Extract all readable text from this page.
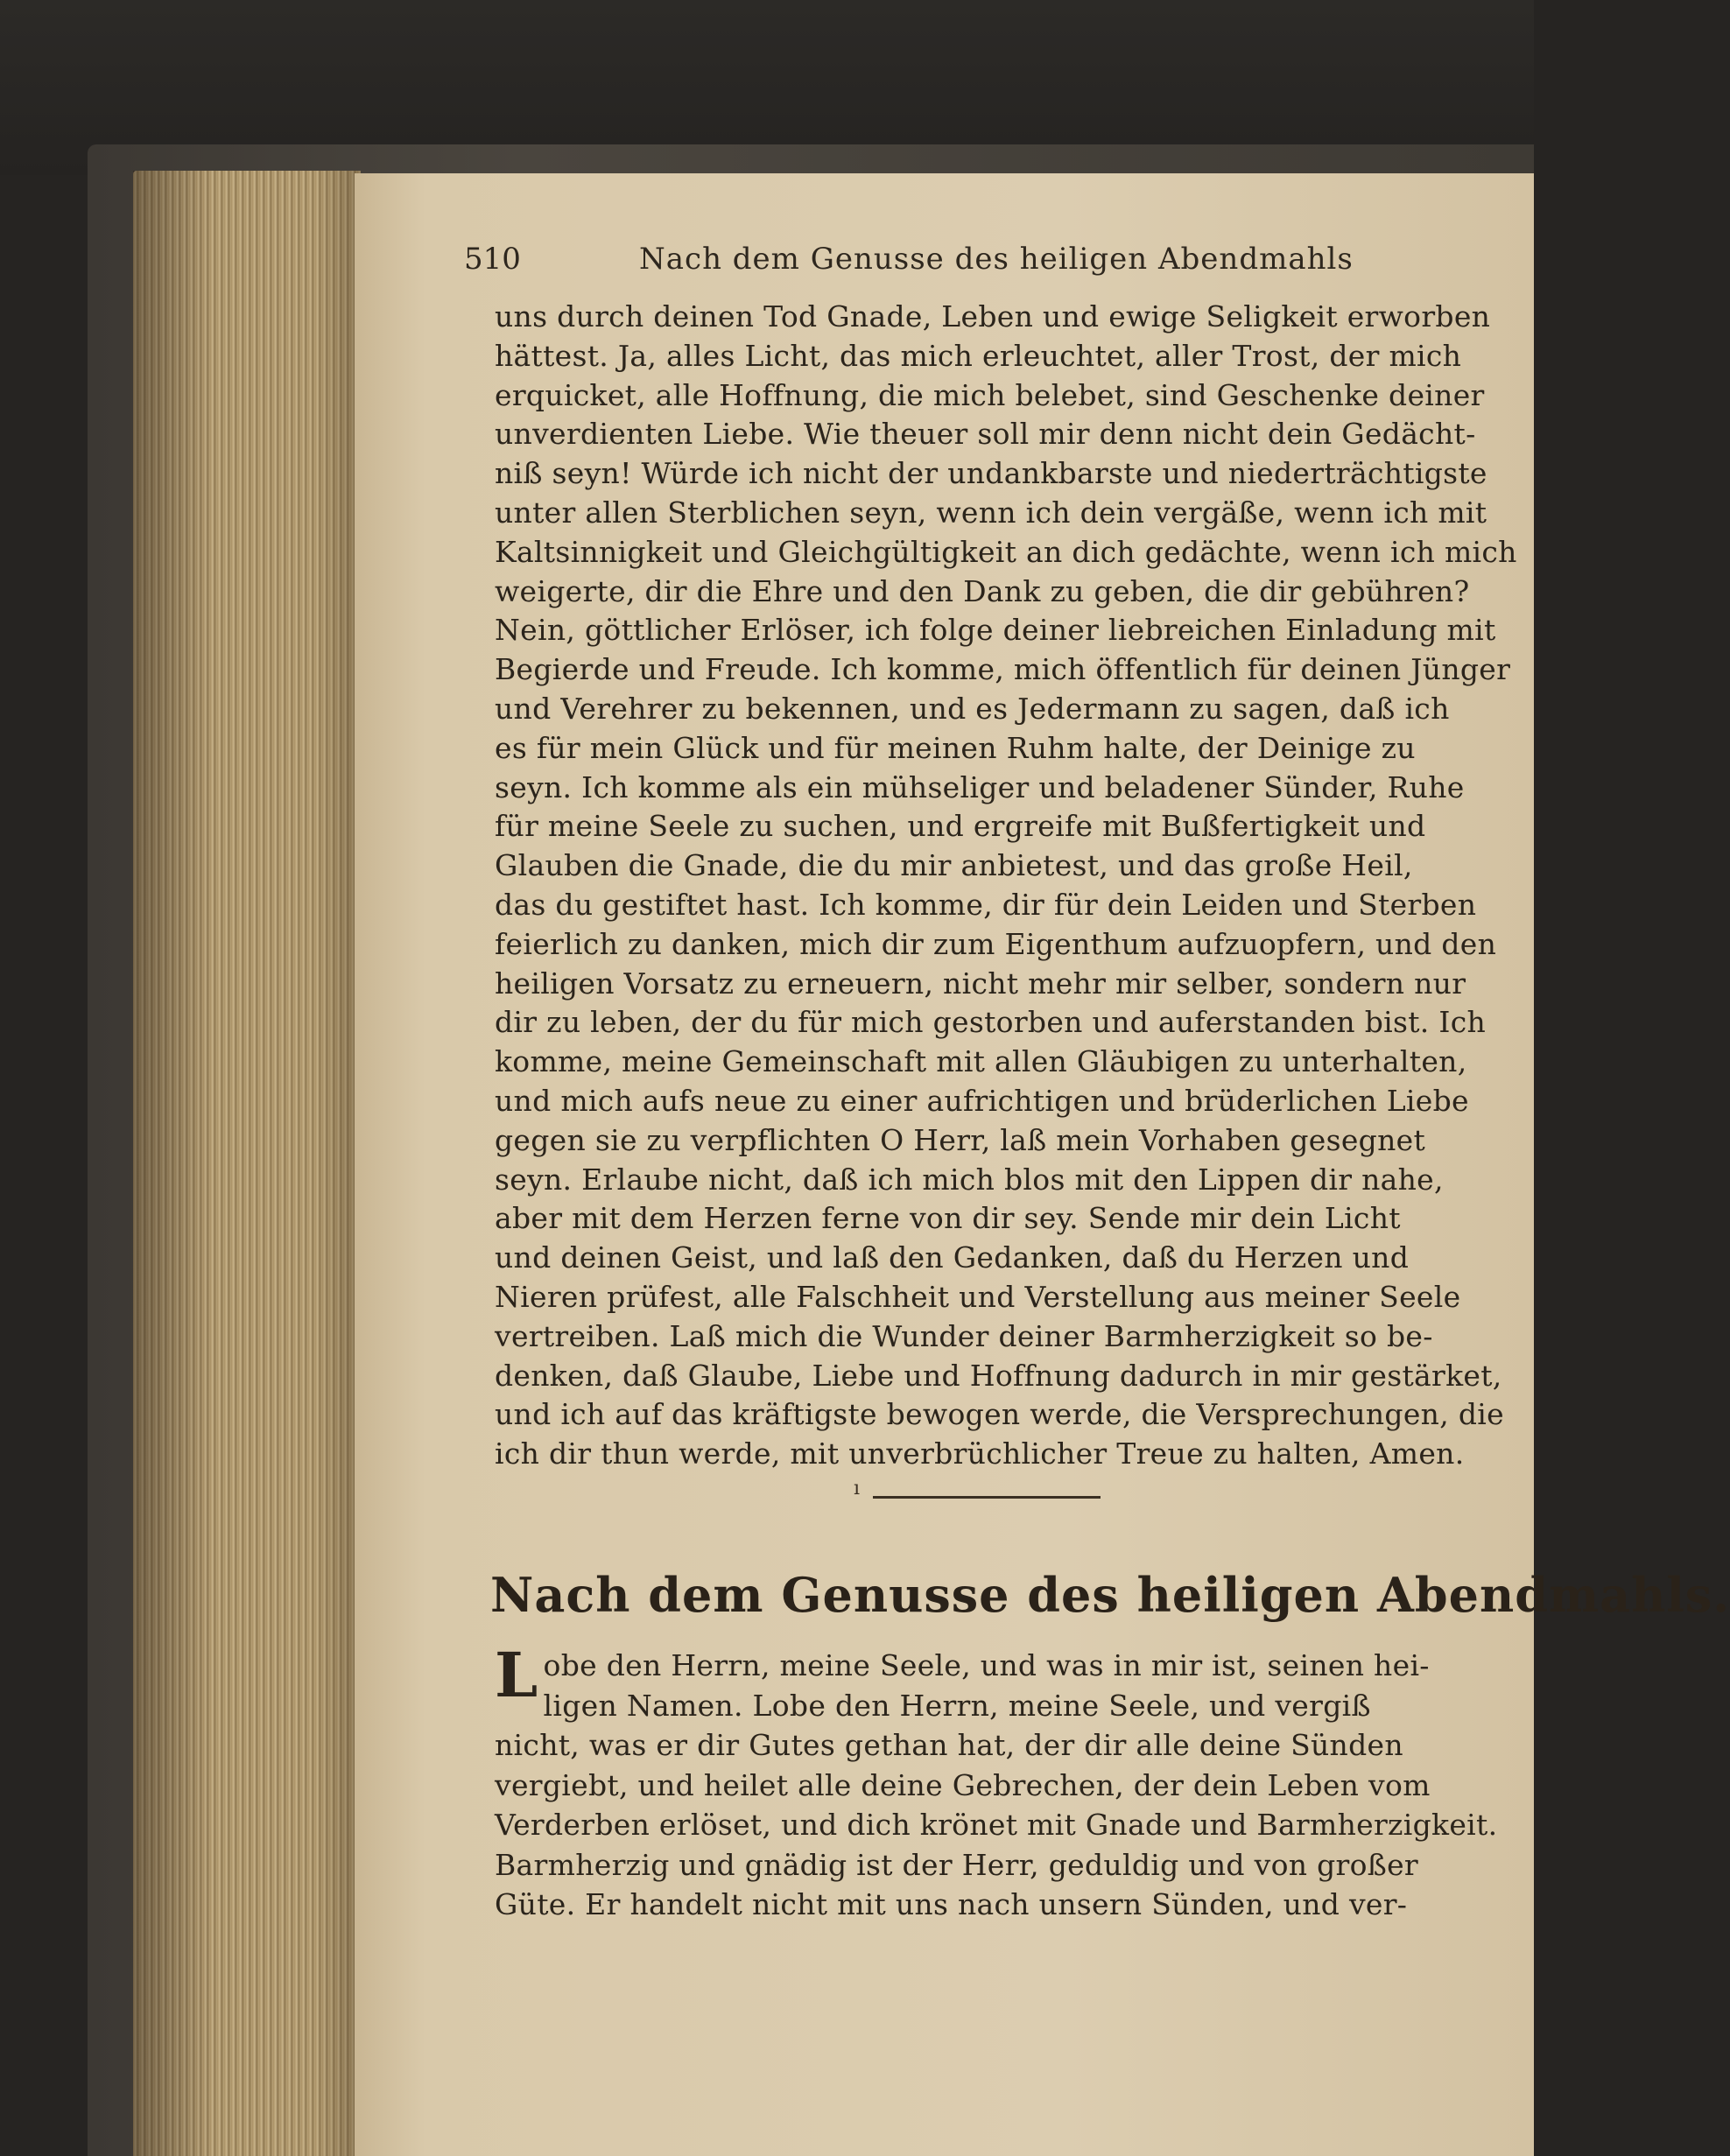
510	Nach dem Genusse des heiligen Abendmahls
uns durch deinen Tod Gnade, Leben und ewige Seligkeit erworben
hättest. Ja, alles Licht, das mich erleuchtet, aller Trost, der mich
erquicket, alle Hoffnung, die mich belebet, sind Geschenke deiner
unverdienten Liebe. Wie theuer soll mir denn nicht dein Gedächt-
niß seyn! Würde ich nicht der undankbarste und niederträchtigste
unter allen Sterblichen seyn, wenn ich dein vergäße, wenn ich mit
Kaltsinnigkeit und Gleichgültigkeit an dich gedächte, wenn ich mich
weigerte, dir die Ehre und den Dank zu geben, die dir gebühren?
Nein, göttlicher Erlöser, ich folge deiner liebreichen Einladung mit
Begierde und Freude. Ich komme, mich öffentlich für deinen Jünger
und Verehrer zu bekennen, und es Jedermann zu sagen, daß ich
es für mein Glück und für meinen Ruhm halte, der Deinige zu
seyn. Ich komme als ein mühseliger und beladener Sünder, Ruhe
für meine Seele zu suchen, und ergreife mit Bußfertigkeit und
Glauben die Gnade, die du mir anbietest, und das große Heil,
das du gestiftet hast. Ich komme, dir für dein Leiden und Sterben
feierlich zu danken, mich dir zum Eigenthum aufzuopfern, und den
heiligen Vorsatz zu erneuern, nicht mehr mir selber, sondern nur
dir zu leben, der du für mich gestorben und auferstanden bist. Ich
komme, meine Gemeinschaft mit allen Gläubigen zu unterhalten,
und mich aufs neue zu einer aufrichtigen und brüderlichen Liebe
gegen sie zu verpflichten O Herr, laß mein Vorhaben gesegnet
seyn. Erlaube nicht, daß ich mich blos mit den Lippen dir nahe,
aber mit dem Herzen ferne von dir sey. Sende mir dein Licht
und deinen Geist, und laß den Gedanken, daß du Herzen und
Nieren prüfest, alle Falschheit und Verstellung aus meiner Seele
vertreiben. Laß mich die Wunder deiner Barmherzigkeit so be-
denken, daß Glaube, Liebe und Hoffnung dadurch in mir gestärket,
und ich auf das kräftigste bewogen werde, die Versprechungen, die
ich dir thun werde, mit unverbrüchlicher Treue zu halten, Amen.
ı
Nach dem Genusse des heiligen Abendmahls.
Lobe den Herrn, meine Seele, und was in mir ist, seinen hei-
ligen Namen. Lobe den Herrn, meine Seele, und vergiß
nicht, was er dir Gutes gethan hat, der dir alle deine Sünden
vergiebt, und heilet alle deine Gebrechen, der dein Leben vom
Verderben erlöset, und dich krönet mit Gnade und Barmherzigkeit.
Barmherzig und gnädig ist der Herr, geduldig und von großer
Güte. Er handelt nicht mit uns nach unsern Sünden, und ver-
